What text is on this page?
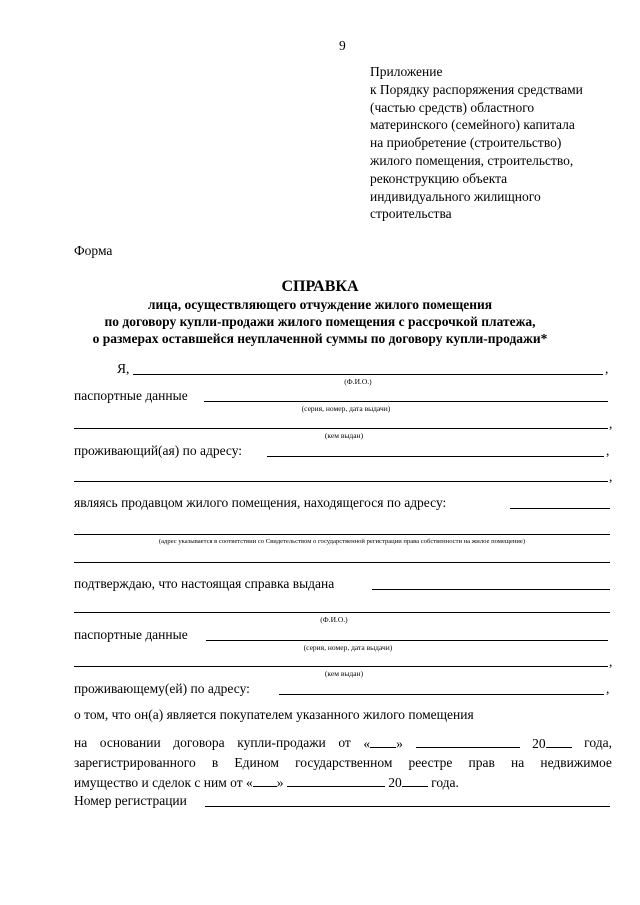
9
Приложение
к Порядку распоряжения средствами
(частью средств) областного
материнского (семейного) капитала
на приобретение (строительство)
жилого помещения, строительство,
реконструкцию объекта
индивидуального жилищного
строительства
Форма
СПРАВКА
лица, осуществляющего отчуждение жилого помещения
по договору купли-продажи жилого помещения с рассрочкой платежа,
о размерах оставшейся неуплаченной суммы по договору купли-продажи*
Я,	,
(Ф.И.О.)
паспортные данные
(серия, номер, дата выдачи)
,
(кем выдан)
проживающий(ая) по адресу:	,
,
являясь продавцом жилого помещения, находящегося по адресу:
(адрес указывается в соответствии со Свидетельством о государственной регистрации права собственности на жилое помещение)
подтверждаю, что настоящая справка выдана
(Ф.И.О.)
паспортные данные
(серия, номер, дата выдачи)
,
(кем выдан)
проживающему(ей) по адресу:	,
о том, что он(а) является покупателем указанного жилого помещения
на основании договора купли-продажи от « »	20	года,
зарегистрированного в Едином государственном реестре прав на недвижимое
имущество и сделок с ним от « »	20 года.
Номер регистрации
